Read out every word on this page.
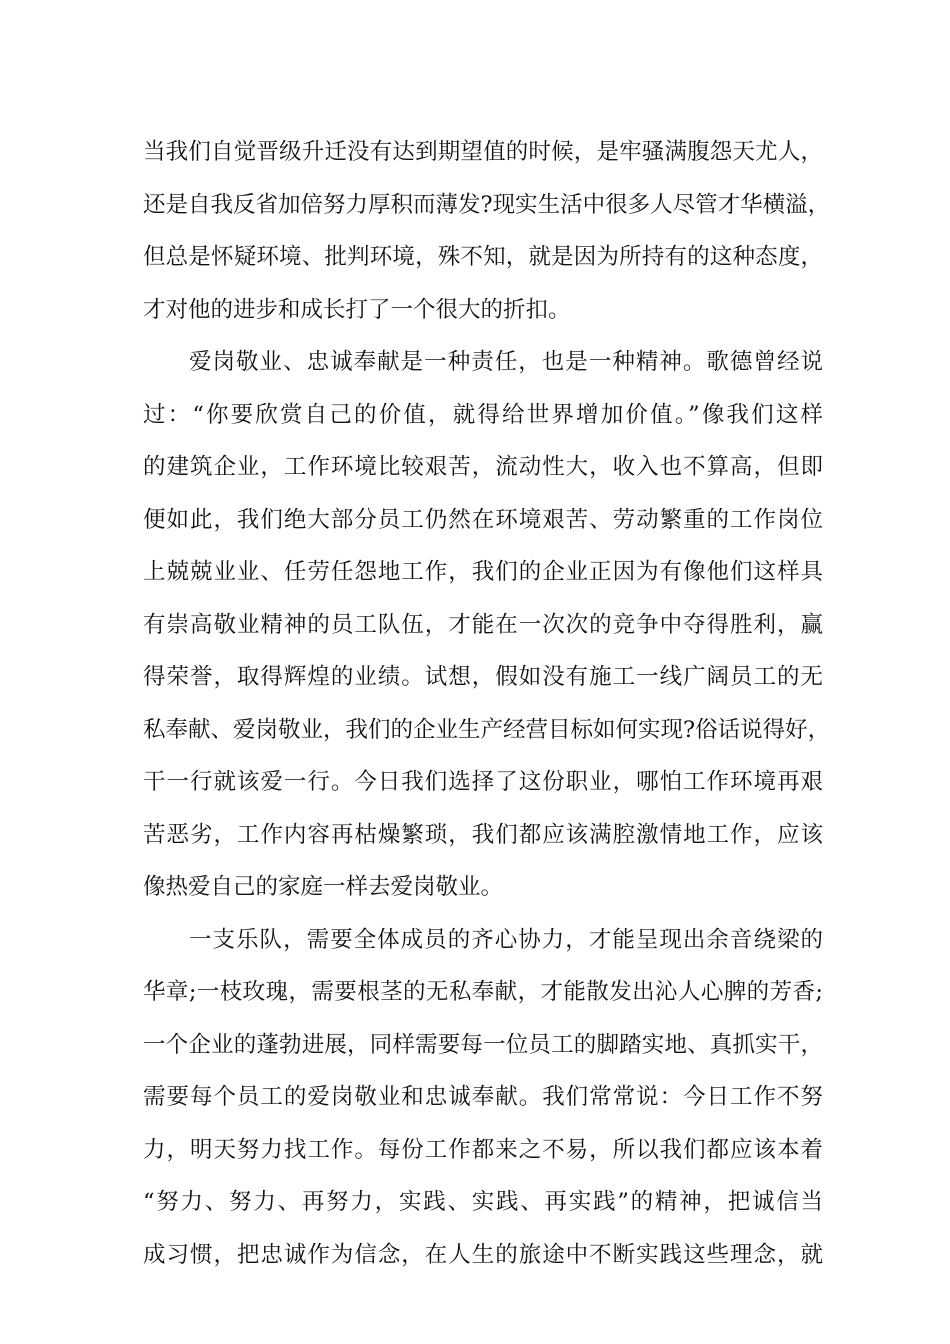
当我们自觉晋级升迁没有达到期望值的时候，是牢骚满腹怨天尤人，
还是自我反省加倍努力厚积而薄发?现实生活中很多人尽管才华横溢，
但总是怀疑环境、批判环境，殊不知，就是因为所持有的这种态度，
才对他的进步和成长打了一个很大的折扣。
爱岗敬业、忠诚奉献是一种责任，也是一种精神。歌德曾经说
过：“你要欣赏自己的价值，就得给世界增加价值。”像我们这样
的建筑企业，工作环境比较艰苦，流动性大，收入也不算高，但即
便如此，我们绝大部分员工仍然在环境艰苦、劳动繁重的工作岗位
上兢兢业业、任劳任怨地工作，我们的企业正因为有像他们这样具
有崇高敬业精神的员工队伍，才能在一次次的竞争中夺得胜利，赢
得荣誉，取得辉煌的业绩。试想，假如没有施工一线广阔员工的无
私奉献、爱岗敬业，我们的企业生产经营目标如何实现?俗话说得好，
干一行就该爱一行。今日我们选择了这份职业，哪怕工作环境再艰
苦恶劣，工作内容再枯燥繁琐，我们都应该满腔激情地工作，应该
像热爱自己的家庭一样去爱岗敬业。
一支乐队，需要全体成员的齐心协力，才能呈现出余音绕梁的
华章;一枝玫瑰，需要根茎的无私奉献，才能散发出沁人心脾的芳香;
一个企业的蓬勃进展，同样需要每一位员工的脚踏实地、真抓实干，
需要每个员工的爱岗敬业和忠诚奉献。我们常常说：今日工作不努
力，明天努力找工作。每份工作都来之不易，所以我们都应该本着
“努力、努力、再努力，实践、实践、再实践”的精神，把诚信当
成习惯，把忠诚作为信念，在人生的旅途中不断实践这些理念，就
